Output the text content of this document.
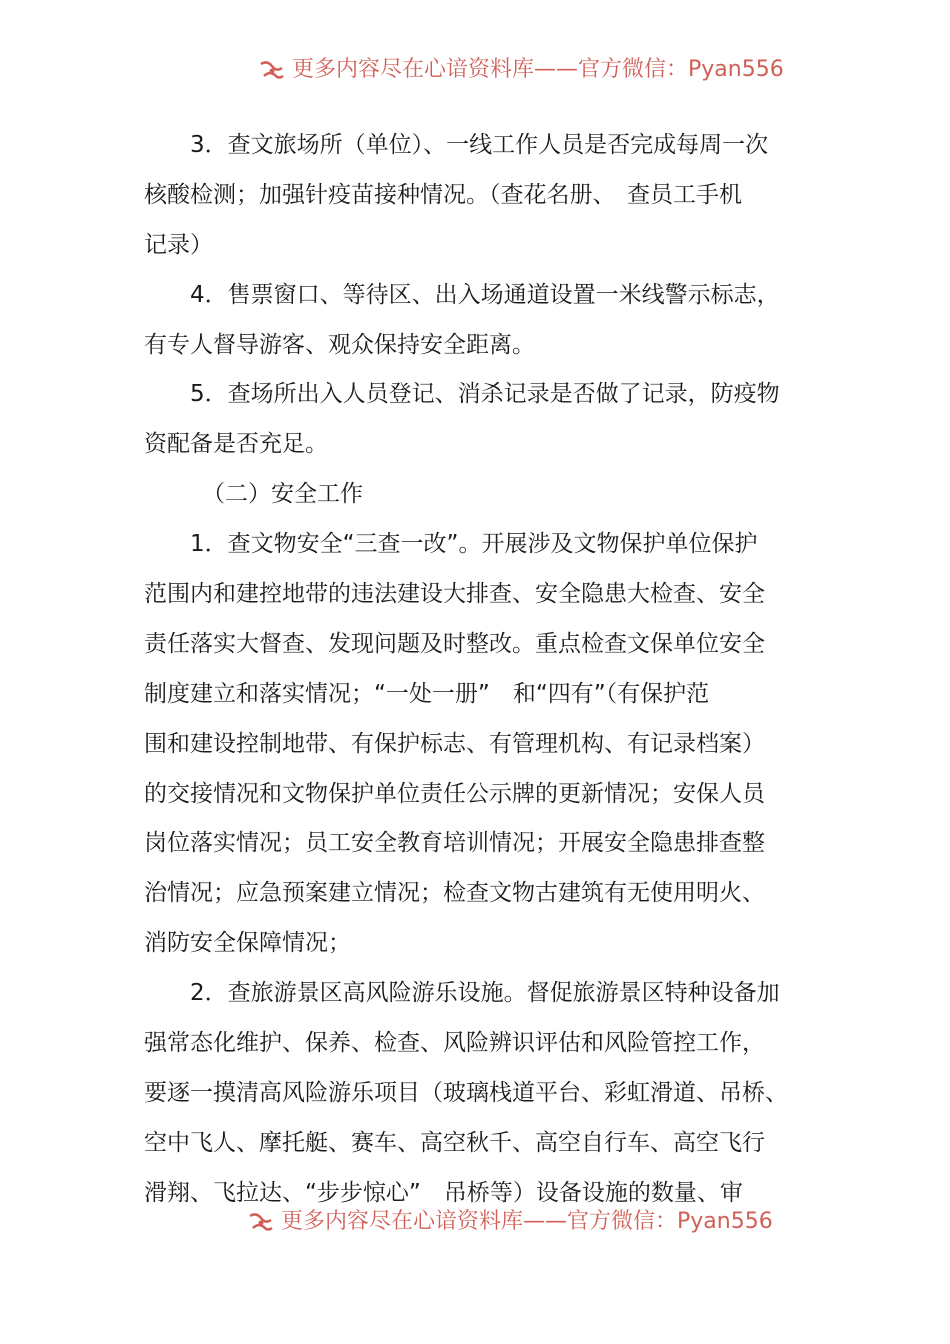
更多内容尽在心谙资料库——官方微信：Pyan556
3．查文旅场所（单位）、一线工作人员是否完成每周一次
核酸检测；加强针疫苗接种情况。（查花名册、　查员工手机
记录）
4．售票窗口、等待区、出入场通道设置一米线警示标志，
有专人督导游客、观众保持安全距离。
5．查场所出入人员登记、消杀记录是否做了记录，防疫物
资配备是否充足。
（二）安全工作
1．查文物安全“三查一改”。开展涉及文物保护单位保护
范围内和建控地带的违法建设大排查、安全隐患大检查、安全
责任落实大督查、发现问题及时整改。重点检查文保单位安全
制度建立和落实情况；“一处一册”　和“四有”（有保护范
围和建设控制地带、有保护标志、有管理机构、有记录档案）
的交接情况和文物保护单位责任公示牌的更新情况；安保人员
岗位落实情况；员工安全教育培训情况；开展安全隐患排查整
治情况；应急预案建立情况；检查文物古建筑有无使用明火、
消防安全保障情况；
2．查旅游景区高风险游乐设施。督促旅游景区特种设备加
强常态化维护、保养、检查、风险辨识评估和风险管控工作，
要逐一摸清高风险游乐项目（玻璃栈道平台、彩虹滑道、吊桥、
空中飞人、摩托艇、赛车、高空秋千、高空自行车、高空飞行
滑翔、飞拉达、“步步惊心”　吊桥等）设备设施的数量、审
更多内容尽在心谙资料库——官方微信：Pyan556
